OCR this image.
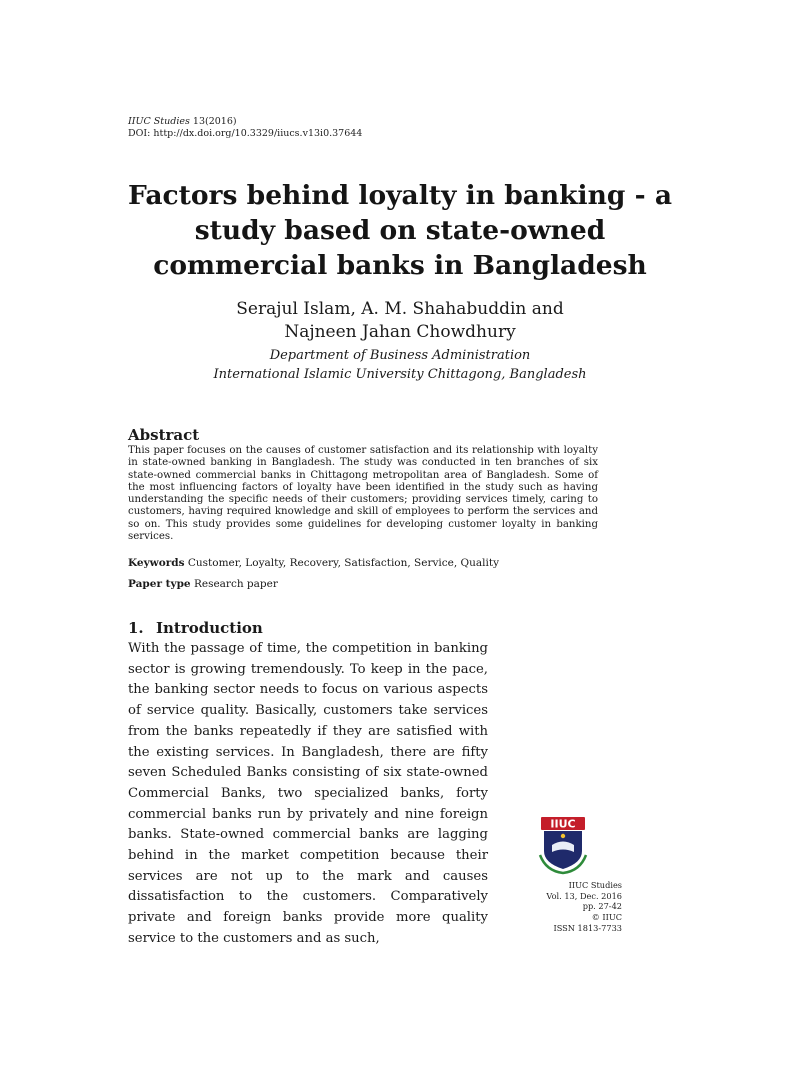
IIUC Studies 13(2016)
DOI: http://dx.doi.org/10.3329/iiucs.v13i0.37644
Factors behind loyalty in banking - a
study based on state-owned
commercial banks in Bangladesh
Serajul Islam, A. M. Shahabuddin and
Najneen Jahan Chowdhury
Department of Business Administration
International Islamic University Chittagong, Bangladesh
Abstract

This paper focuses on the causes of customer satisfaction and its relationship with loyalty in state-owned banking in Bangladesh. The study was conducted in ten branches of six state-owned commercial banks in Chittagong metropolitan area of Bangladesh. Some of the most influencing factors of loyalty have been identified in the study such as having understanding the specific needs of their customers; providing services timely, caring to customers, having required knowledge and skill of employees to perform the services and so on. This study provides some guidelines for developing customer loyalty in banking services.

Keywords Customer, Loyalty, Recovery, Satisfaction, Service, Quality
Paper type Research paper
1. Introduction

With the passage of time, the competition in banking sector is growing tremendously. To keep in the pace, the banking sector needs to focus on various aspects of service quality. Basically, customers take services from the banks repeatedly if they are satisfied with the existing services. In Bangladesh, there are fifty seven Scheduled Banks consisting of six state-owned Commercial Banks, two specialized banks, forty commercial banks run by privately and nine foreign banks. State-owned commercial banks are lagging behind in the market competition because their services are not up to the mark and causes dissatisfaction to the customers. Comparatively private and foreign banks provide more quality service to the customers and as such,

IIUC
IIUC Studies
Vol. 13, Dec. 2016
pp. 27-42
© IIUC
ISSN 1813-7733
